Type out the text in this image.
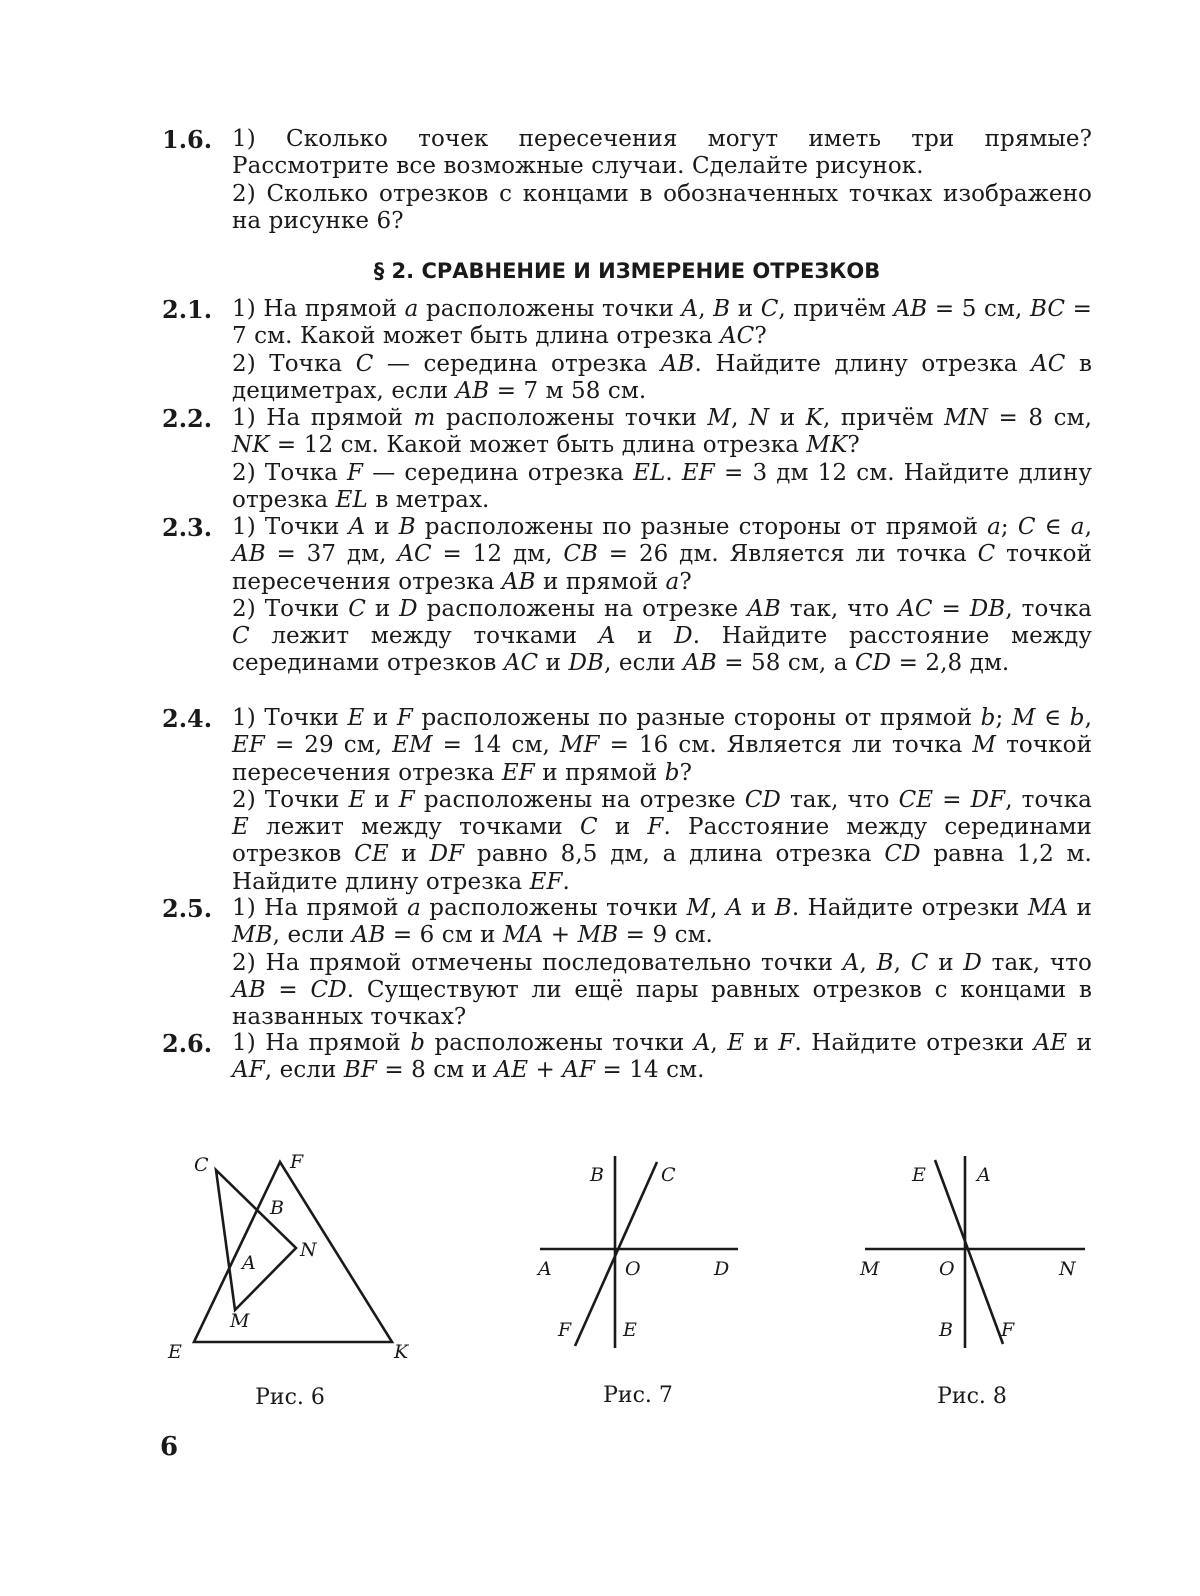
1.6. 1) Сколько точек пересечения могут иметь три прямые? Рассмотрите все возможные случаи. Сделайте рисунок.
2) Сколько отрезков с концами в обозначенных точках изображено на рисунке 6?
§ 2. СРАВНЕНИЕ И ИЗМЕРЕНИЕ ОТРЕЗКОВ
2.1. 1) На прямой a расположены точки A, B и C, причём AB = 5 см, BC = 7 см. Какой может быть длина отрезка AC?
2) Точка C — середина отрезка AB. Найдите длину отрезка AC в дециметрах, если AB = 7 м 58 см.
2.2. 1) На прямой m расположены точки M, N и K, причём MN = 8 см, NK = 12 см. Какой может быть длина отрезка MK?
2) Точка F — середина отрезка EL. EF = 3 дм 12 см. Найдите длину отрезка EL в метрах.
2.3. 1) Точки A и B расположены по разные стороны от прямой a; C ∈ a, AB = 37 дм, AC = 12 дм, CB = 26 дм. Является ли точка C точкой пересечения отрезка AB и прямой a?
2) Точки C и D расположены на отрезке AB так, что AC = DB, точка C лежит между точками A и D. Найдите расстояние между серединами отрезков AC и DB, если AB = 58 см, а CD = 2,8 дм.
2.4. 1) Точки E и F расположены по разные стороны от прямой b; M ∈ b, EF = 29 см, EM = 14 см, MF = 16 см. Является ли точка M точкой пересечения отрезка EF и прямой b?
2) Точки E и F расположены на отрезке CD так, что CE = DF, точка E лежит между точками C и F. Расстояние между серединами отрезков CE и DF равно 8,5 дм, а длина отрезка CD равна 1,2 м. Найдите длину отрезка EF.
2.5. 1) На прямой a расположены точки M, A и B. Найдите отрезки MA и MB, если AB = 6 см и MA + MB = 9 см.
2) На прямой отмечены последовательно точки A, B, C и D так, что AB = CD. Существуют ли ещё пары равных отрезков с концами в названных точках?
2.6. 1) На прямой b расположены точки A, E и F. Найдите отрезки AE и AF, если BF = 8 см и AE + AF = 14 см.
C	F
B
N
A
M
E	K
Рис. 6
B	C
A	O	D
F	E
Рис. 7
E	A
M	O	N
B	F
Рис. 8
6
